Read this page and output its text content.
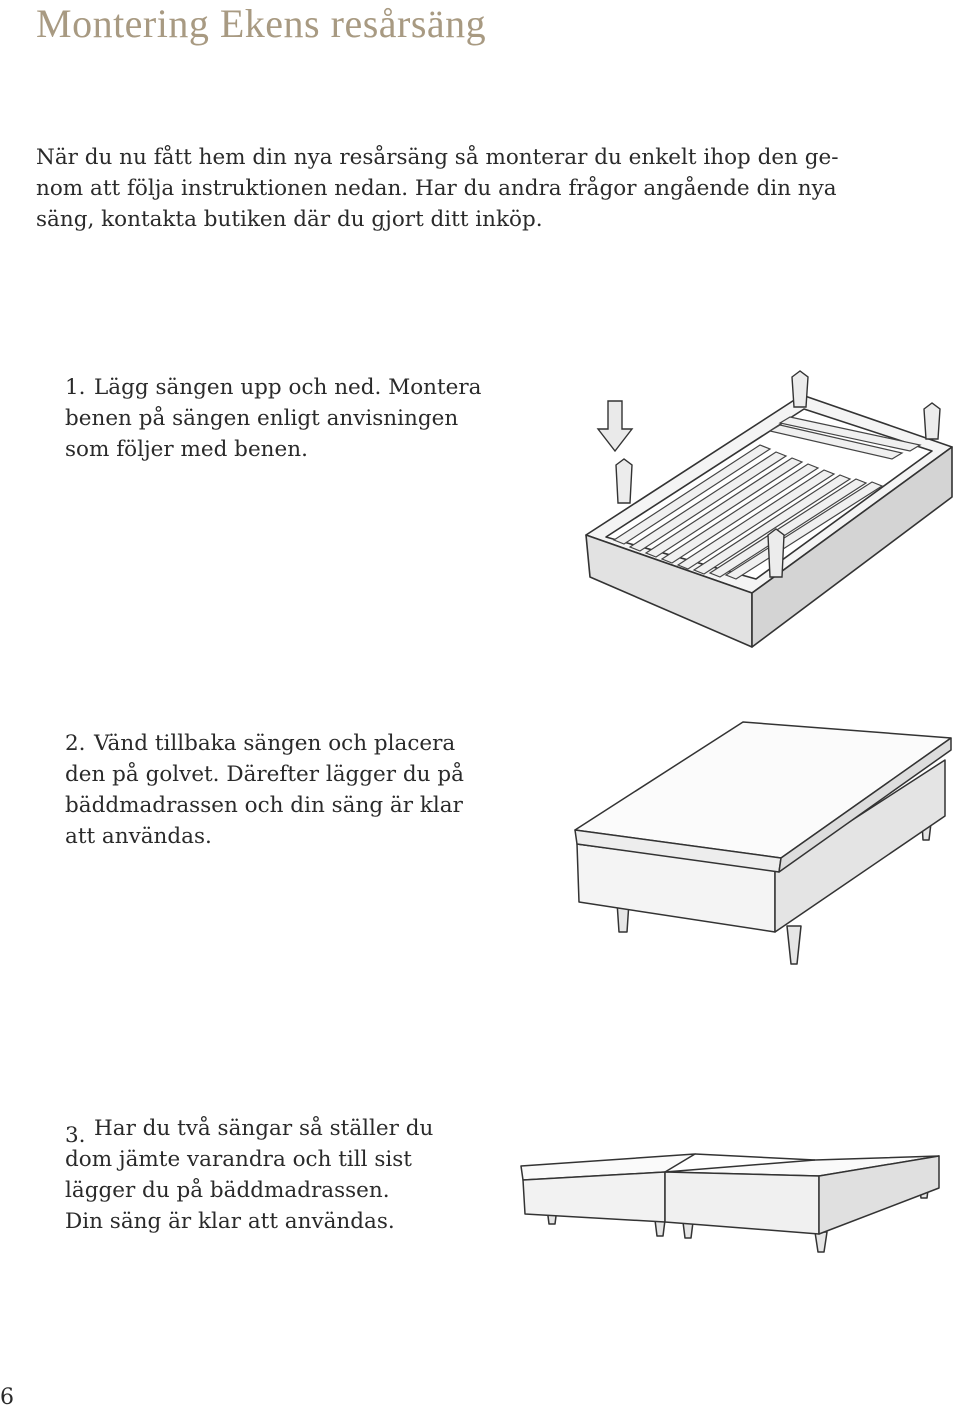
Montering Ekens resårsäng
När du nu fått hem din nya resårsäng så monterar du enkelt ihop den ge-
nom att följa instruktionen nedan. Har du andra frågor angående din nya
säng, kontakta butiken där du gjort ditt inköp.
1. Lägg sängen upp och ned. Montera
benen på sängen enligt anvisningen
som följer med benen.
2. Vänd tillbaka sängen och placera
den på golvet. Därefter lägger du på
bäddmadrassen och din säng är klar
att användas.
3. Har du två sängar så ställer du
dom jämte varandra och till sist
lägger du på bäddmadrassen.
Din säng är klar att användas.
6
